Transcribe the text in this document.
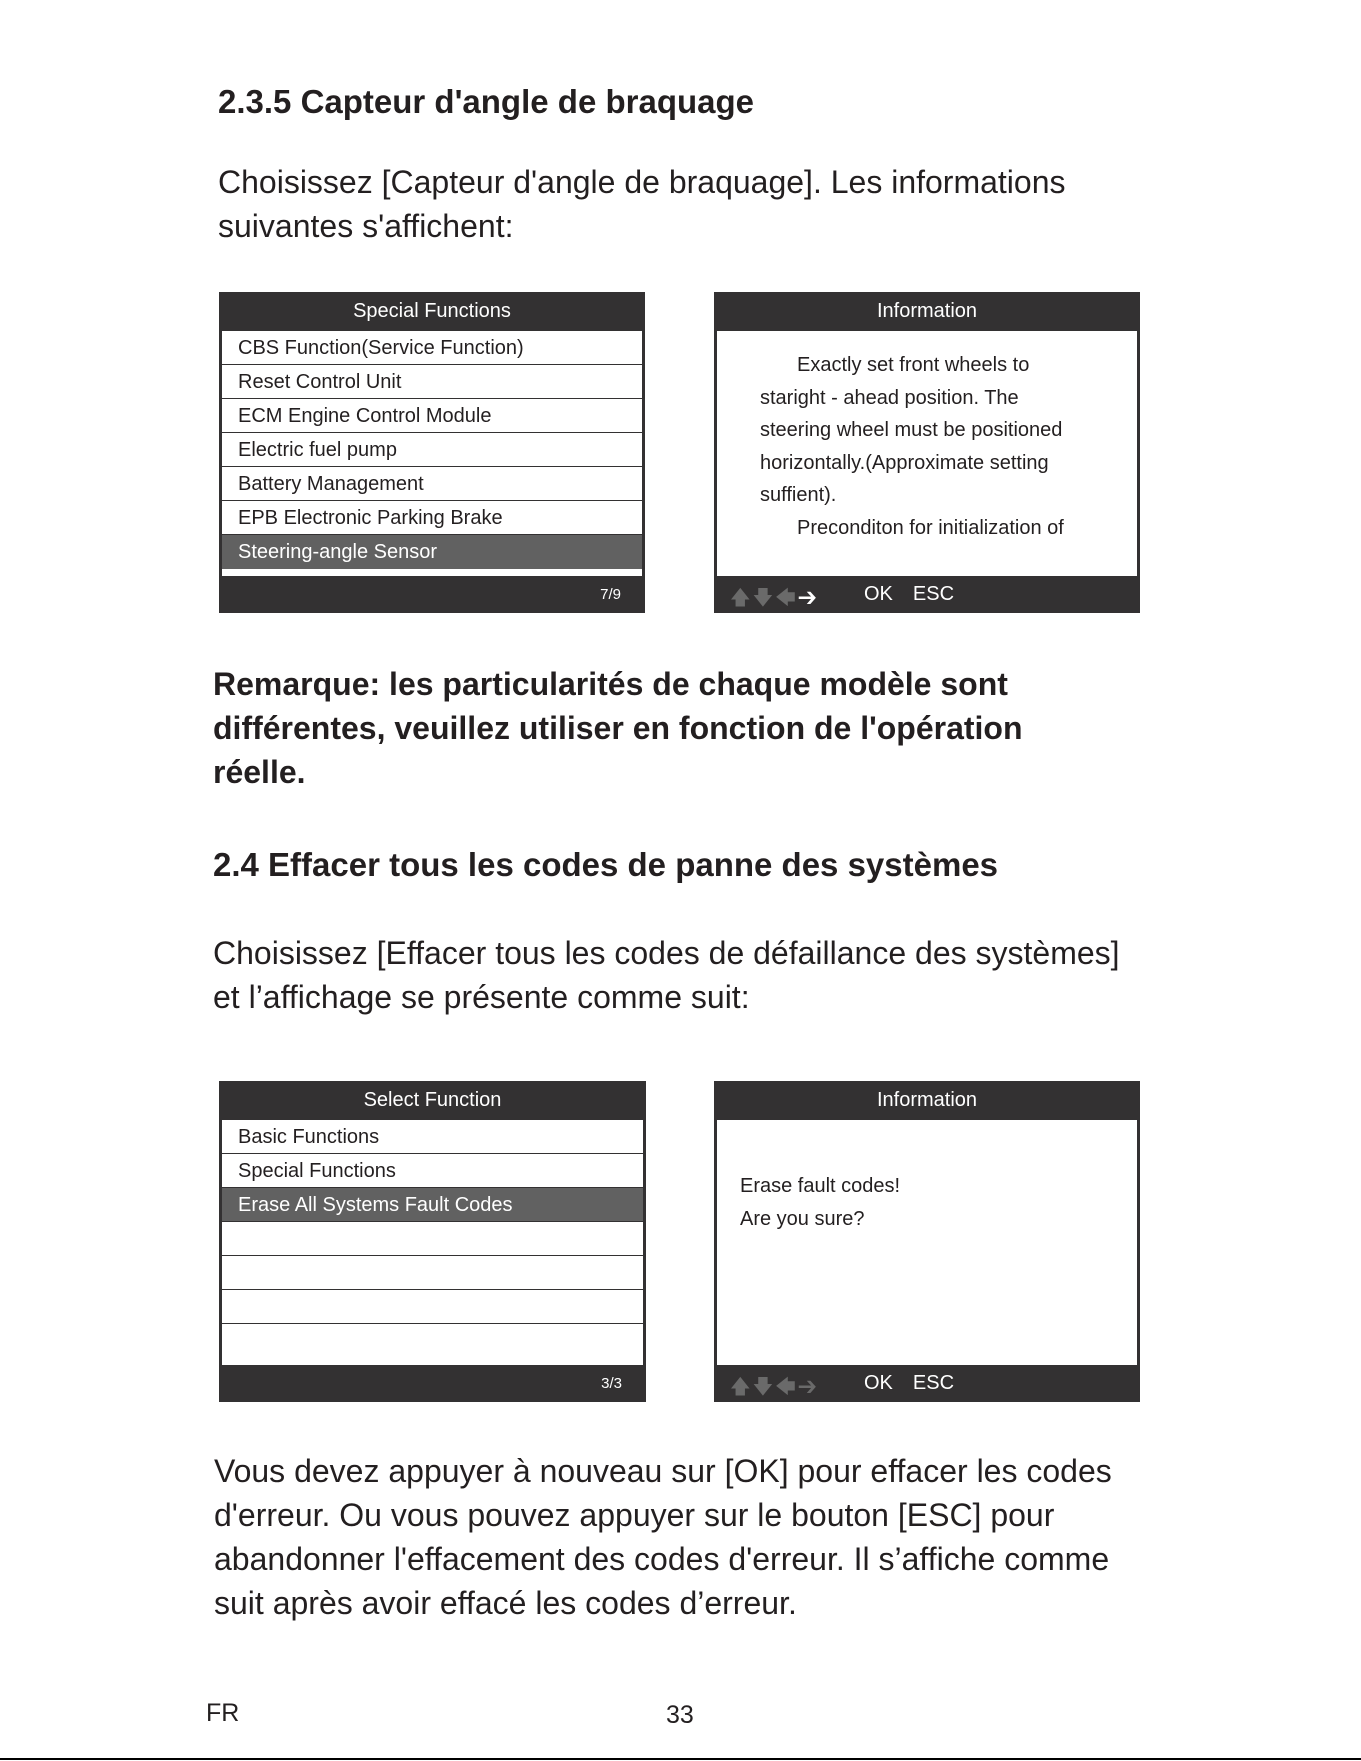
2.3.5 Capteur d'angle de braquage
Choisissez [Capteur d'angle de braquage]. Les informations
suivantes s'affichent:
Special Functions
CBS Function(Service Function)
Reset Control Unit
ECM Engine Control Module
Electric fuel pump
Battery Management
EPB Electronic Parking Brake
Steering-angle Sensor
7/9
Information
Exactly set front wheels to
staright - ahead position. The
steering wheel must be positioned
horizontally.(Approximate setting
suffient).
Preconditon for initialization of
🡅🡇🡄➔ OK ESC
Remarque: les particularités de chaque modèle sont
différentes, veuillez utiliser en fonction de l'opération
réelle.
2.4 Effacer tous les codes de panne des systèmes
Choisissez [Effacer tous les codes de défaillance des systèmes]
et l’affichage se présente comme suit:
Select Function
Basic Functions
Special Functions
Erase All Systems Fault Codes
3/3
Information
Erase fault codes!
Are you sure?
🡅🡇🡄➔ OK ESC
Vous devez appuyer à nouveau sur [OK] pour effacer les codes
d'erreur. Ou vous pouvez appuyer sur le bouton [ESC] pour
abandonner l'effacement des codes d'erreur. Il s’affiche comme
suit après avoir effacé les codes d’erreur.
FR	33
